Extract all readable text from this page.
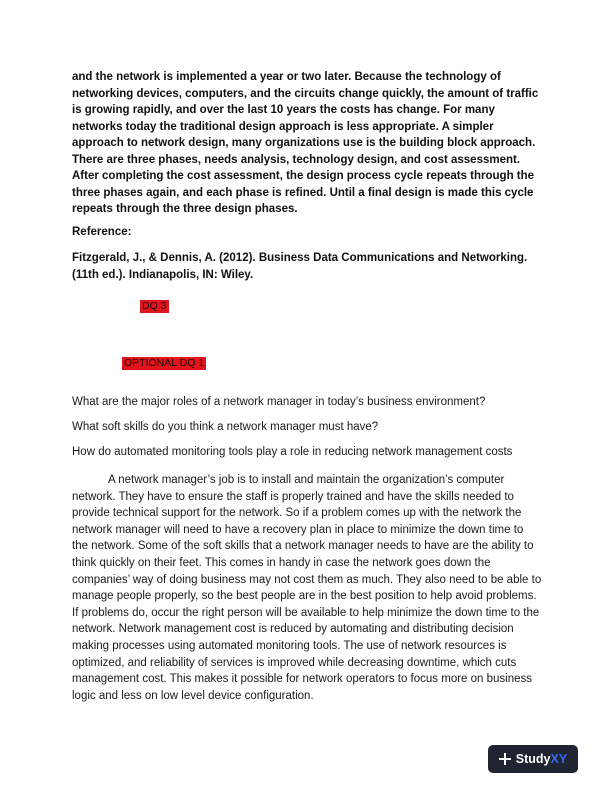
and the network is implemented a year or two later. Because the technology of networking devices, computers, and the circuits change quickly, the amount of traffic is growing rapidly, and over the last 10 years the costs has change. For many networks today the traditional design approach is less appropriate. A simpler approach to network design, many organizations use is the building block approach. There are three phases, needs analysis, technology design, and cost assessment. After completing the cost assessment, the design process cycle repeats through the three phases again, and each phase is refined. Until a final design is made this cycle repeats through the three design phases.

Reference:

Fitzgerald, J., & Dennis, A. (2012). Business Data Communications and Networking. (11th ed.). Indianapolis, IN: Wiley.

DQ 3

OPTIONAL DQ 1

What are the major roles of a network manager in today’s business environment?

What soft skills do you think a network manager must have?

How do automated monitoring tools play a role in reducing network management costs

A network manager’s job is to install and maintain the organization’s computer network. They have to ensure the staff is properly trained and have the skills needed to provide technical support for the network. So if a problem comes up with the network the network manager will need to have a recovery plan in place to minimize the down time to the network. Some of the soft skills that a network manager needs to have are the ability to think quickly on their feet. This comes in handy in case the network goes down the companies’ way of doing business may not cost them as much. They also need to be able to manage people properly, so the best people are in the best position to help avoid problems. If problems do, occur the right person will be available to help minimize the down time to the network. Network management cost is reduced by automating and distributing decision making processes using automated monitoring tools. The use of network resources is optimized, and reliability of services is improved while decreasing downtime, which cuts management cost. This makes it possible for network operators to focus more on business logic and less on low level device configuration.

StudyXY
